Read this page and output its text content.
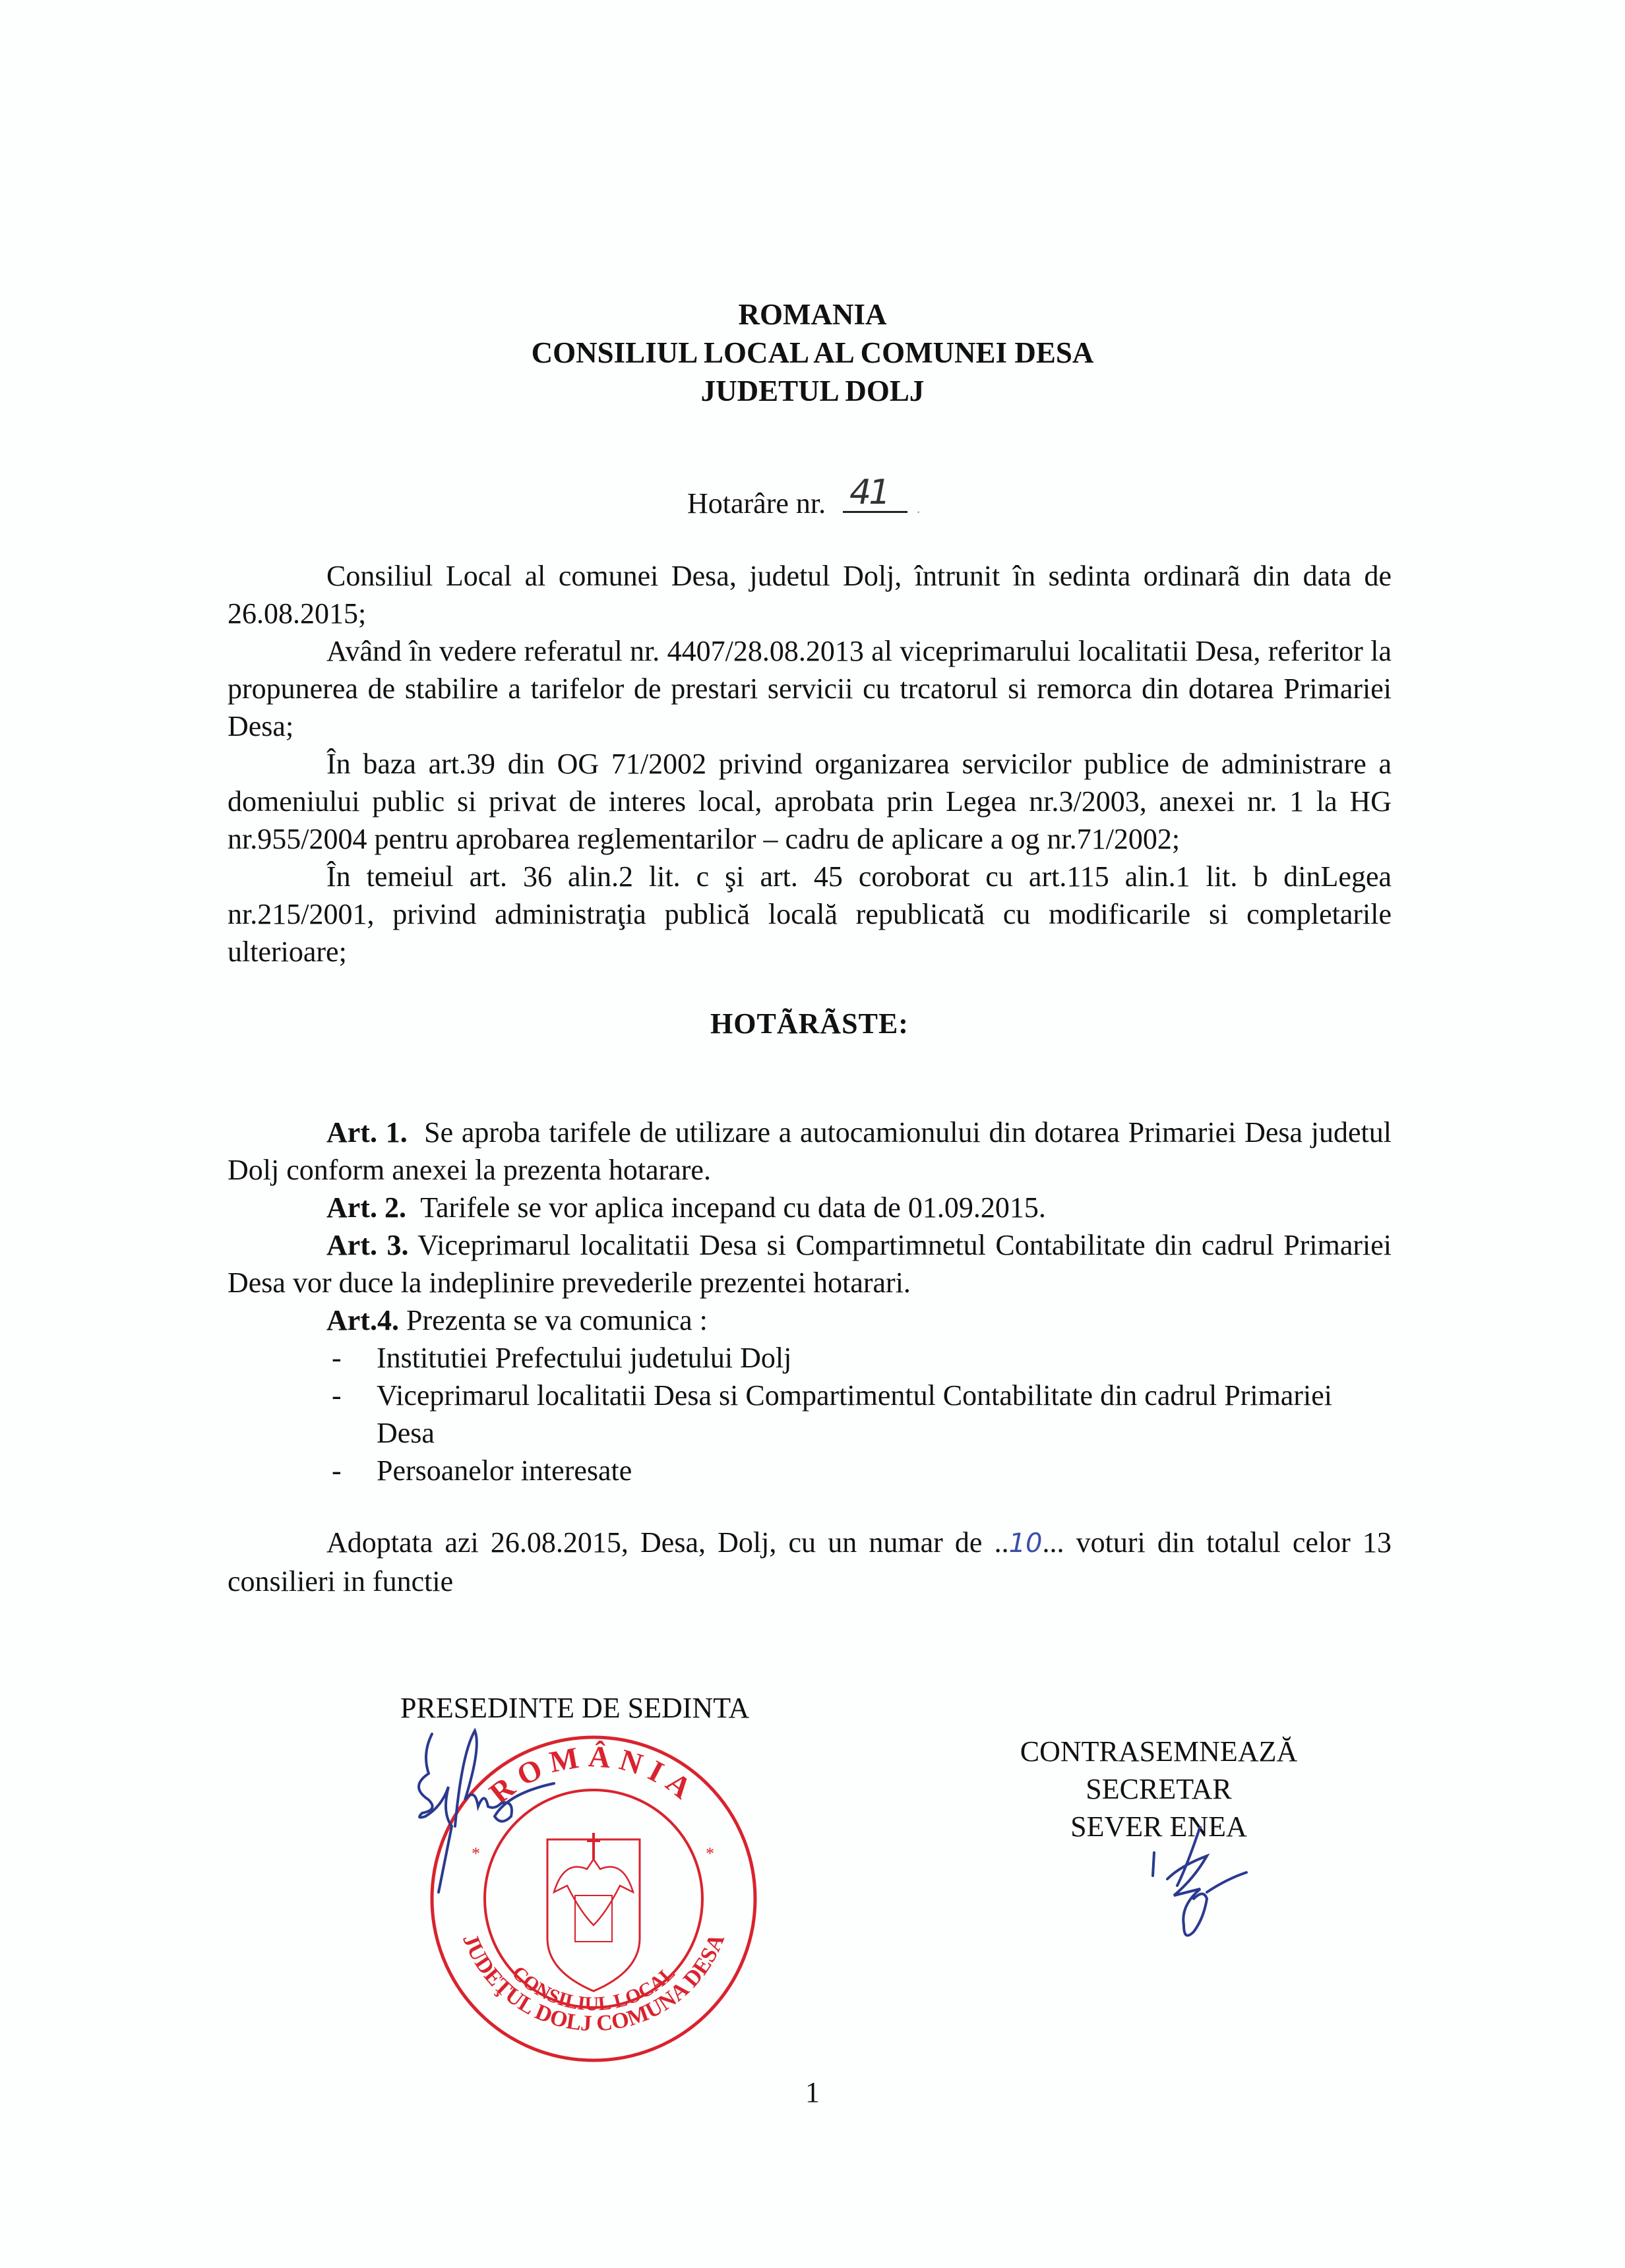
ROMANIA
CONSILIUL LOCAL AL COMUNEI DESA
JUDETUL DOLJ
Hotarâre nr. 41 .

Consiliul Local al comunei Desa, judetul Dolj, întrunit în sedinta ordinarã din data de 26.08.2015;

Având în vedere referatul nr. 4407/28.08.2013 al viceprimarului localitatii Desa, referitor la propunerea de stabilire a tarifelor de prestari servicii cu trcatorul si remorca din dotarea Primariei Desa;

În baza art.39 din OG 71/2002 privind organizarea servicilor publice de administrare a domeniului public si privat de interes local, aprobata prin Legea nr.3/2003, anexei nr. 1 la HG nr.955/2004 pentru aprobarea reglementarilor – cadru de aplicare a og nr.71/2002;

În temeiul art. 36 alin.2 lit. c şi art. 45 coroborat cu art.115 alin.1 lit. b dinLegea nr.215/2001, privind administraţia publică locală republicată cu modificarile si completarile ulterioare;

HOTÃRÃSTE:

Art. 1. Se aproba tarifele de utilizare a autocamionului din dotarea Primariei Desa judetul Dolj conform anexei la prezenta hotarare.

Art. 2. Tarifele se vor aplica incepand cu data de 01.09.2015.

Art. 3. Viceprimarul localitatii Desa si Compartimnetul Contabilitate din cadrul Primariei Desa vor duce la indeplinire prevederile prezentei hotarari.

Art.4. Prezenta se va comunica :

- Institutiei Prefectului judetului Dolj
- Viceprimarul localitatii Desa si Compartimentul Contabilitate din cadrul Primariei Desa
- Persoanelor interesate

Adoptata azi 26.08.2015, Desa, Dolj, cu un numar de ..10... voturi din totalul celor 13 consilieri in functie

PRESEDINTE DE SEDINTA
ROMÂNIA
JUDEŢUL DOLJ COMUNA DESA
CONSILIUL LOCAL
*	*
CONTRASEMNEAZĂ
SECRETAR
SEVER ENEA
1
